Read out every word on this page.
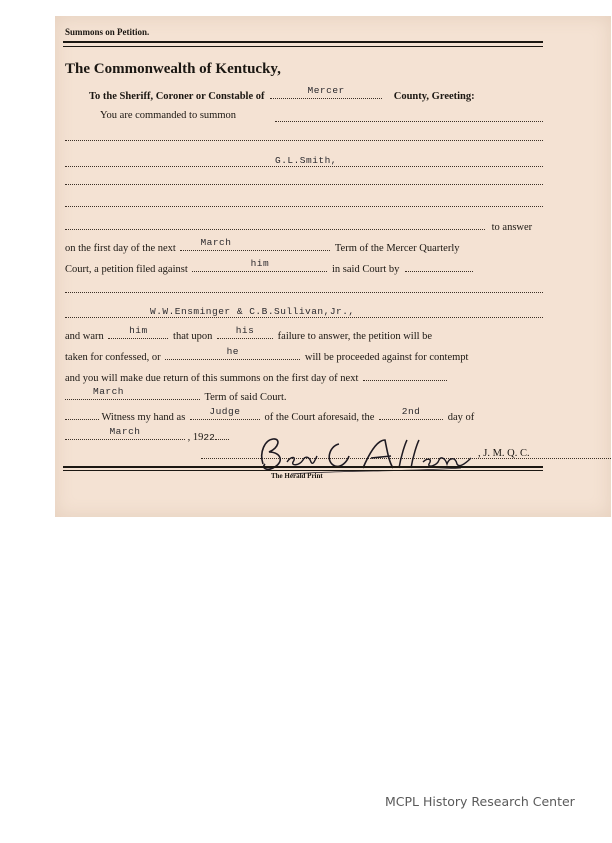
Summons on Petition.
The Commonwealth of Kentucky,
To the Sheriff, Coroner or Constable of
Mercer
County, Greeting:
You are commanded to summon
G.L.Smith,
to answer
on the first day of the next
March
Term of the Mercer Quarterly
Court, a petition filed against
him
in said Court by
W.W.Ensminger & C.B.Sullivan,Jr.,
and warn
him
that upon
his
failure to answer, the petition will be
taken for confessed, or
he
will be proceeded against for contempt
and you will make due return of this summons on the first day of next
March
Term of said Court.
Witness my hand as
Judge
of the Court aforesaid, the
2nd
day of
March
, 1922
, J. M. Q. C.
The Herald Print
MCPL History Research Center
